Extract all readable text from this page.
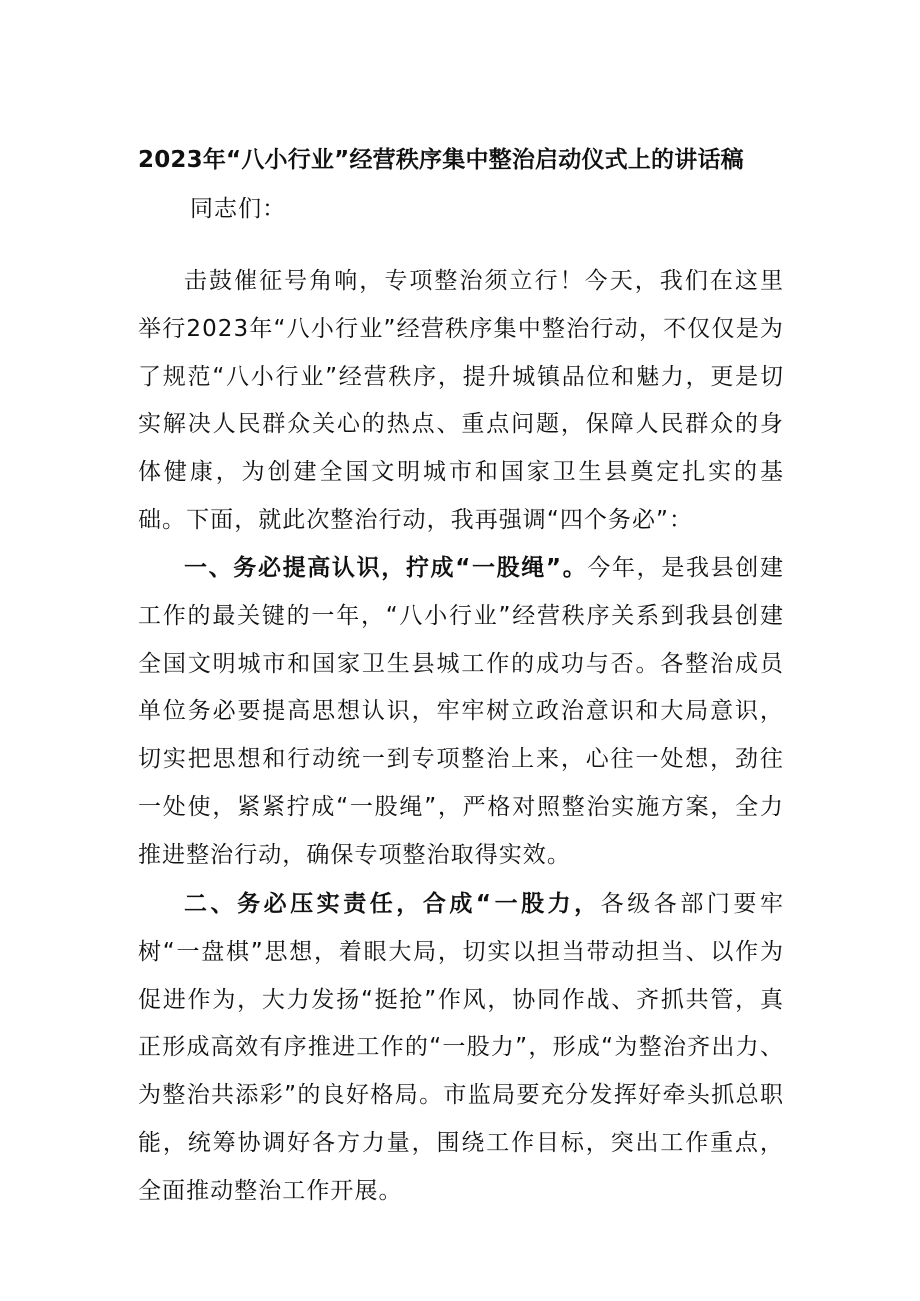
2023年“八小行业”经营秩序集中整治启动仪式上的讲话稿
同志们：

击鼓催征号角响，专项整治须立行！今天，我们在这里举行2023年“八小行业”经营秩序集中整治行动，不仅仅是为了规范“八小行业”经营秩序，提升城镇品位和魅力，更是切实解决人民群众关心的热点、重点问题，保障人民群众的身体健康，为创建全国文明城市和国家卫生县奠定扎实的基础。下面，就此次整治行动，我再强调“四个务必”：

一、务必提高认识，拧成“一股绳”。今年，是我县创建工作的最关键的一年，“八小行业”经营秩序关系到我县创建全国文明城市和国家卫生县城工作的成功与否。各整治成员单位务必要提高思想认识，牢牢树立政治意识和大局意识，切实把思想和行动统一到专项整治上来，心往一处想，劲往一处使，紧紧拧成“一股绳”，严格对照整治实施方案，全力推进整治行动，确保专项整治取得实效。

二、务必压实责任，合成“一股力，各级各部门要牢树“一盘棋”思想，着眼大局，切实以担当带动担当、以作为促进作为，大力发扬“挺抢”作风，协同作战、齐抓共管，真正形成高效有序推进工作的“一股力”，形成“为整治齐出力、为整治共添彩”的良好格局。市监局要充分发挥好牵头抓总职能，统筹协调好各方力量，围绕工作目标，突出工作重点，全面推动整治工作开展。
